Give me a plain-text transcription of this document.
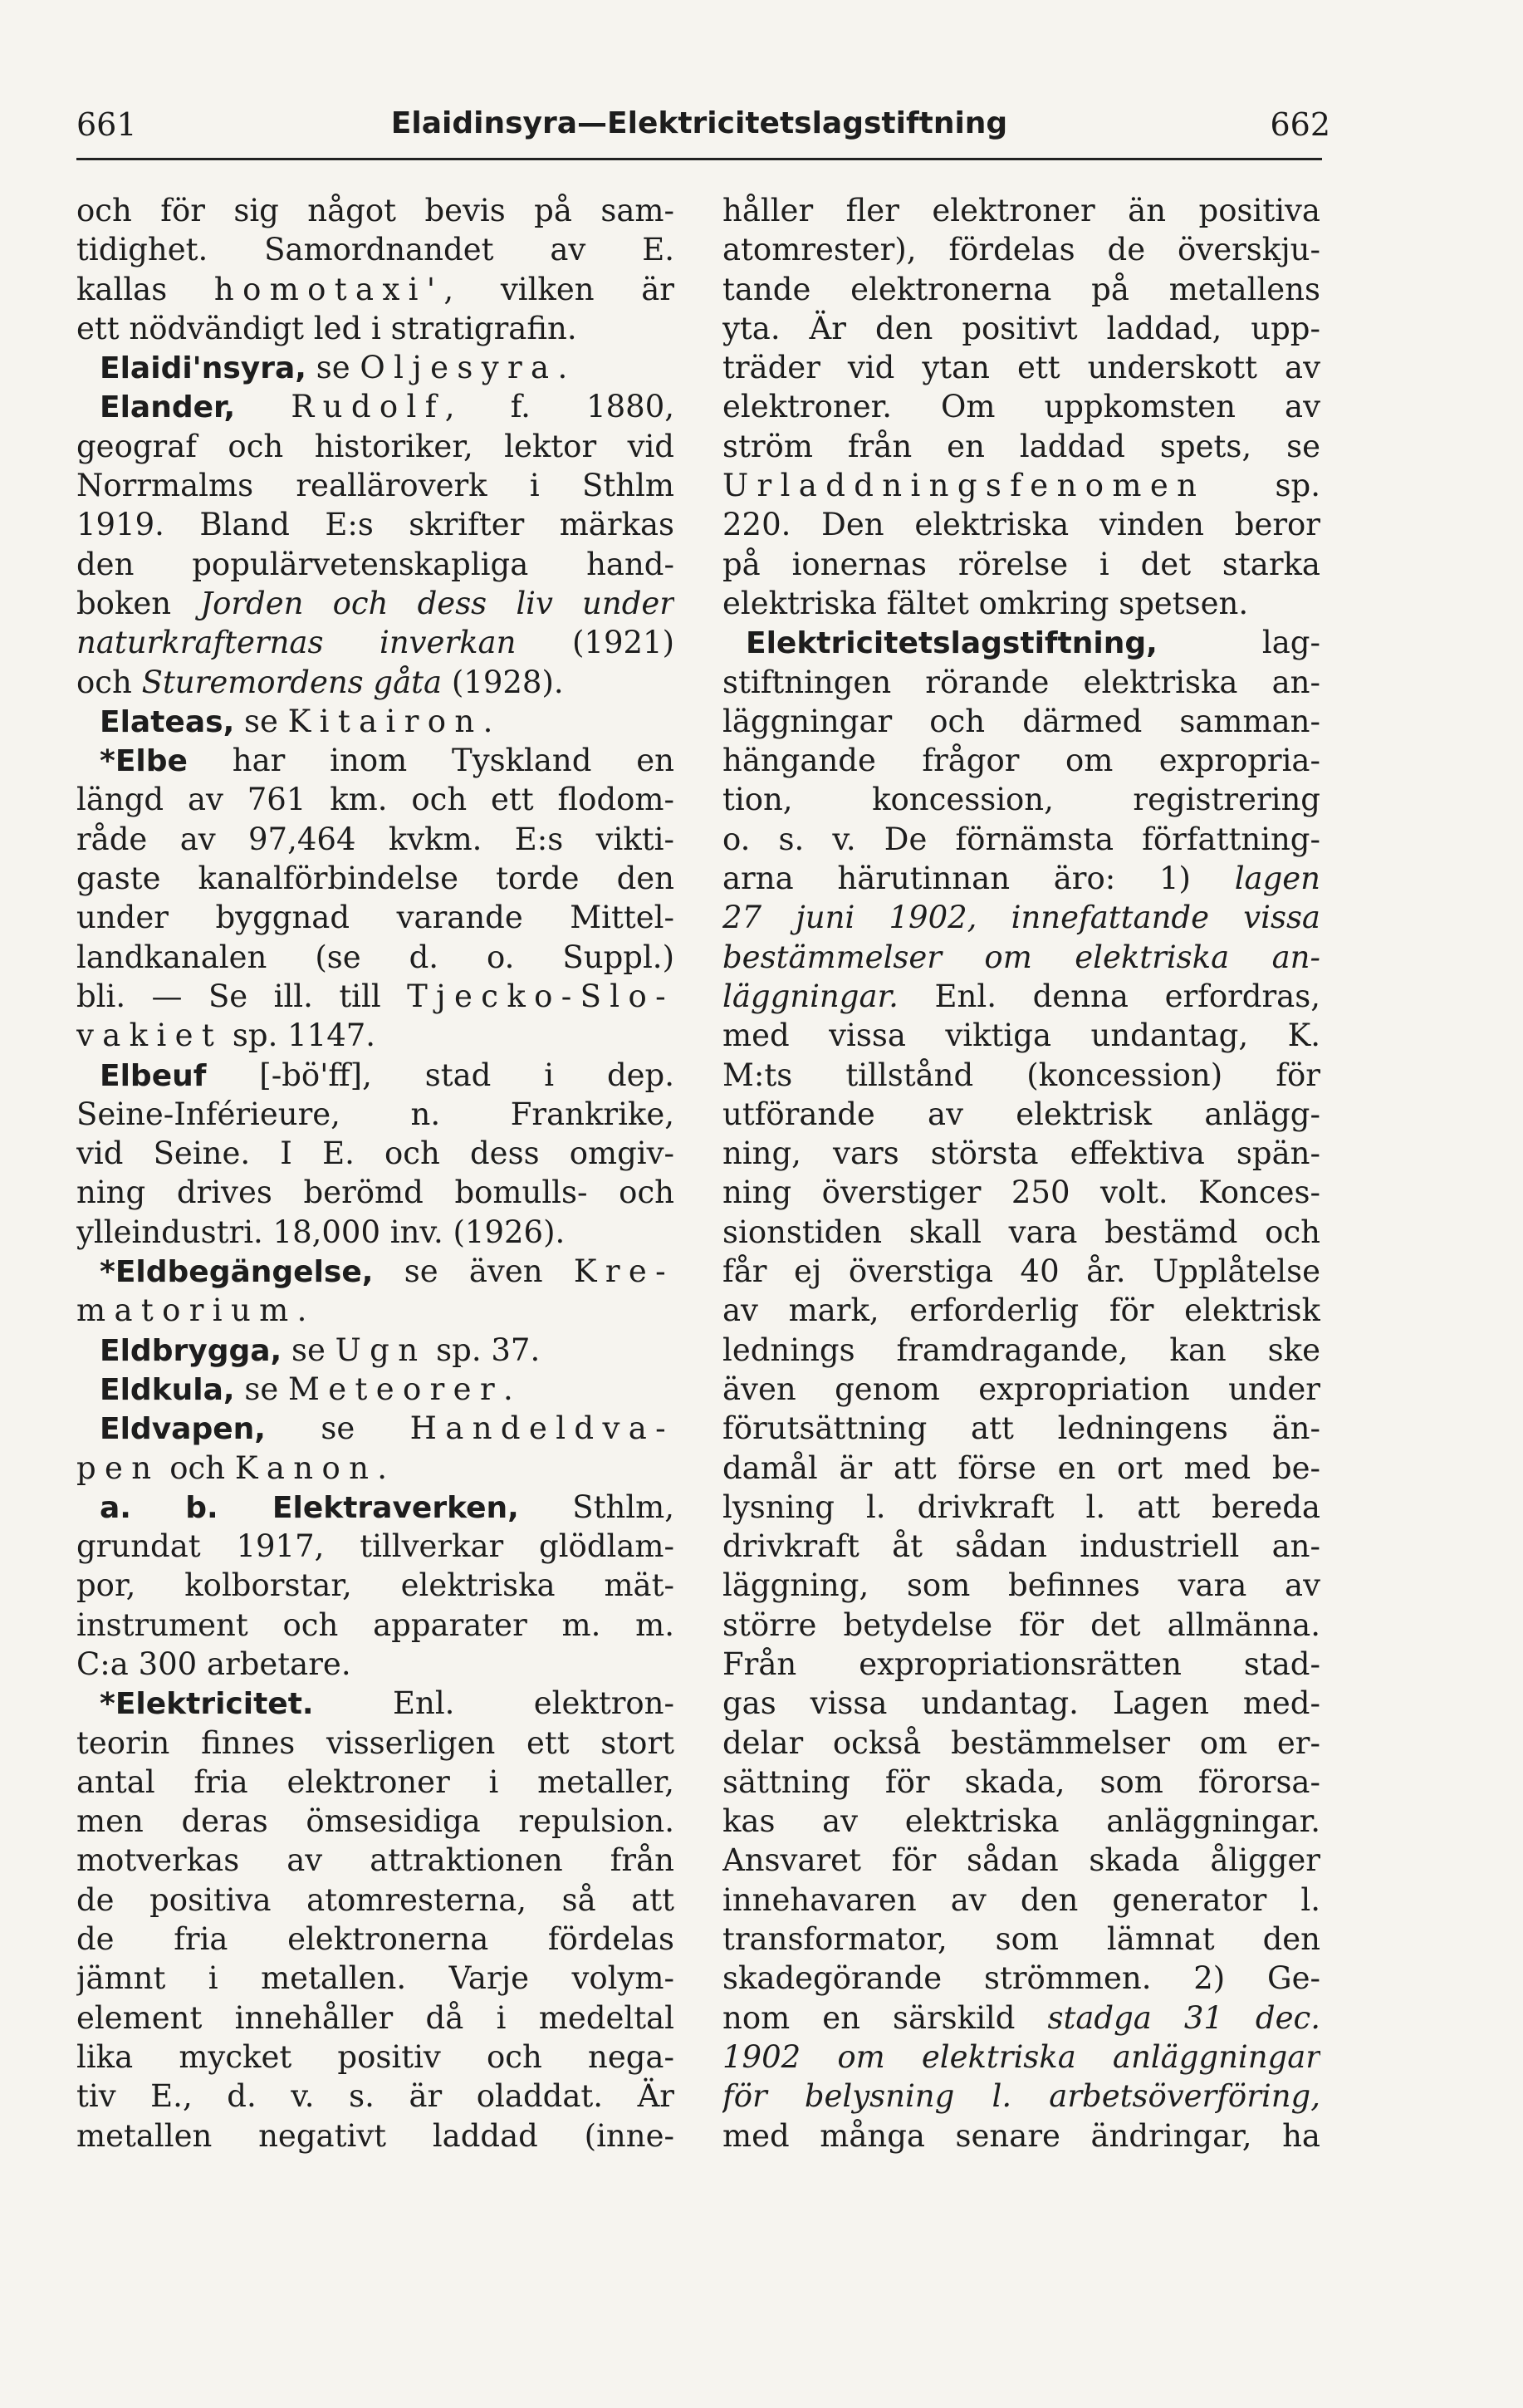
661	Elaidinsyra—Elektricitetslagstiftning	662
och för sig något bevis på sam-
tidighet. Samordnandet av E.
kallas homotaxi', vilken är
ett nödvändigt led i stratigrafin.
Elaidi'nsyra, se Oljesyra.
Elander, Rudolf, f. 1880,
geograf och historiker, lektor vid
Norrmalms realläroverk i Sthlm
1919. Bland E:s skrifter märkas
den populärvetenskapliga hand-
boken Jorden och dess liv under
naturkrafternas inverkan (1921)
och Sturemordens gåta (1928).
Elateas, se Kitairon.
*Elbe har inom Tyskland en
längd av 761 km. och ett flodom-
råde av 97,464 kvkm. E:s vikti-
gaste kanalförbindelse torde den
under byggnad varande Mittel-
landkanalen (se d. o. Suppl.)
bli. — Se ill. till Tjecko-Slo-
vakiet sp. 1147.
Elbeuf [-bö'ff], stad i dep.
Seine-Inférieure, n. Frankrike,
vid Seine. I E. och dess omgiv-
ning drives berömd bomulls- och
ylleindustri. 18,000 inv. (1926).
*Eldbegängelse, se även Kre-
matorium.
Eldbrygga, se Ugn sp. 37.
Eldkula, se Meteorer.
Eldvapen, se Handeldva-
pen och Kanon.
a. b. Elektraverken, Sthlm,
grundat 1917, tillverkar glödlam-
por, kolborstar, elektriska mät-
instrument och apparater m. m.
C:a 300 arbetare.
*Elektricitet. Enl. elektron-
teorin finnes visserligen ett stort
antal fria elektroner i metaller,
men deras ömsesidiga repulsion.
motverkas av attraktionen från
de positiva atomresterna, så att
de fria elektronerna fördelas
jämnt i metallen. Varje volym-
element innehåller då i medeltal
lika mycket positiv och nega-
tiv E., d. v. s. är oladdat. Är
metallen negativt laddad (inne-
håller fler elektroner än positiva
atomrester), fördelas de överskju-
tande elektronerna på metallens
yta. Är den positivt laddad, upp-
träder vid ytan ett underskott av
elektroner. Om uppkomsten av
ström från en laddad spets, se
Urladdningsfenomen sp.
220. Den elektriska vinden beror
på ionernas rörelse i det starka
elektriska fältet omkring spetsen.
Elektricitetslagstiftning, lag-
stiftningen rörande elektriska an-
läggningar och därmed samman-
hängande frågor om expropria-
tion, koncession, registrering
o. s. v. De förnämsta författning-
arna härutinnan äro: 1) lagen
27 juni 1902, innefattande vissa
bestämmelser om elektriska an-
läggningar. Enl. denna erfordras,
med vissa viktiga undantag, K.
M:ts tillstånd (koncession) för
utförande av elektrisk anlägg-
ning, vars största effektiva spän-
ning överstiger 250 volt. Konces-
sionstiden skall vara bestämd och
får ej överstiga 40 år. Upplåtelse
av mark, erforderlig för elektrisk
lednings framdragande, kan ske
även genom expropriation under
förutsättning att ledningens än-
damål är att förse en ort med be-
lysning l. drivkraft l. att bereda
drivkraft åt sådan industriell an-
läggning, som befinnes vara av
större betydelse för det allmänna.
Från expropriationsrätten stad-
gas vissa undantag. Lagen med-
delar också bestämmelser om er-
sättning för skada, som förorsa-
kas av elektriska anläggningar.
Ansvaret för sådan skada åligger
innehavaren av den generator l.
transformator, som lämnat den
skadegörande strömmen. 2) Ge-
nom en särskild stadga 31 dec.
1902 om elektriska anläggningar
för belysning l. arbetsöverföring,
med många senare ändringar, ha
